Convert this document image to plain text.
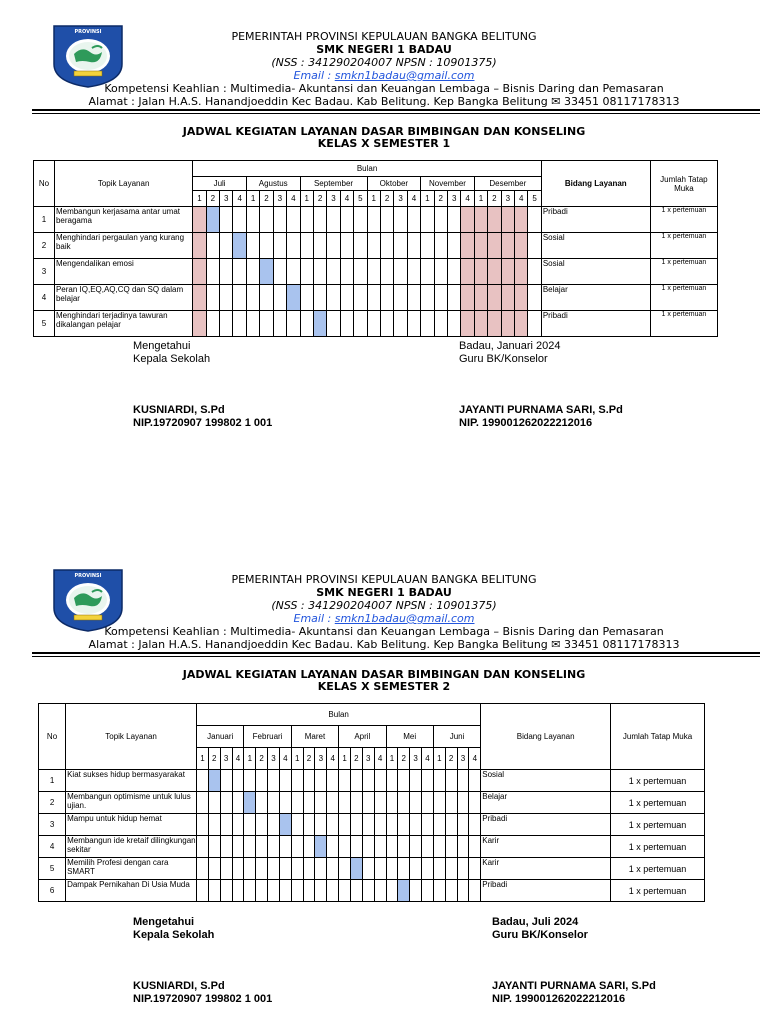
PROVINSI	PEMERINTAH PROVINSI KEPULAUAN BANGKA BELITUNG
SMK NEGERI 1 BADAU
(NSS : 341290204007 NPSN : 10901375)
Email : smkn1badau@gmail.com
Kompetensi Keahlian : Multimedia- Akuntansi dan Keuangan Lembaga – Bisnis Daring dan Pemasaran
Alamat : Jalan H.A.S. Hanandjoeddin Kec Badau. Kab Belitung. Kep Bangka Belitung ✉ 33451 08117178313
JADWAL KEGIATAN LAYANAN DASAR BIMBINGAN DAN KONSELING
KELAS X SEMESTER 1
No	Topik Layanan	Bulan																										Bidang Layanan	Jumlah Tatap Muka
		Juli				Agustus				September					Oktober				November				Desember						
		1	2	3	4	1	2	3	4	1	2	3	4	5	1	2	3	4	1	2	3	4	1	2	3	4	5		
1	Membangun kerjasama antar umat beragama																											Pribadi	1 x pertemuan
2	Menghindari pergaulan yang kurang baik																											Sosial	1 x pertemuan
3	Mengendalikan emosi																											Sosial	1 x pertemuan
4	Peran IQ,EQ,AQ,CQ dan SQ dalam belajar																											Belajar	1 x pertemuan
5	Menghindari terjadinya tawuran dikalangan pelajar																											Pribadi	1 x pertemuan
Mengetahui
Kepala Sekolah
KUSNIARDI, S.Pd
NIP.19720907 199802 1 001
Badau, Januari 2024
Guru BK/Konselor
JAYANTI PURNAMA SARI, S.Pd
NIP. 199001262022212016
PROVINSI	PEMERINTAH PROVINSI KEPULAUAN BANGKA BELITUNG
SMK NEGERI 1 BADAU
(NSS : 341290204007 NPSN : 10901375)
Email : smkn1badau@gmail.com
Kompetensi Keahlian : Multimedia- Akuntansi dan Keuangan Lembaga – Bisnis Daring dan Pemasaran
Alamat : Jalan H.A.S. Hanandjoeddin Kec Badau. Kab Belitung. Kep Bangka Belitung ✉ 33451 08117178313
JADWAL KEGIATAN LAYANAN DASAR BIMBINGAN DAN KONSELING
KELAS X SEMESTER 2
No	Topik Layanan	Bulan																								Bidang Layanan	Jumlah Tatap Muka
		Januari				Februari				Maret				April				Mei				Juni					
		1	2	3	4	1	2	3	4	1	2	3	4	1	2	3	4	1	2	3	4	1	2	3	4		
1	Kiat sukses hidup bermasyarakat																									Sosial	1 x pertemuan
2	Membangun optimisme untuk lulus ujian.																									Belajar	1 x pertemuan
3	Mampu untuk hidup hemat																									Pribadi	1 x pertemuan
4	Membangun ide kretaif dilingkungan sekitar																									Karir	1 x pertemuan
5	Memilih Profesi dengan cara SMART																									Karir	1 x pertemuan
6	Dampak Pernikahan Di Usia Muda																									Pribadi	1 x pertemuan
Mengetahui
Kepala Sekolah
KUSNIARDI, S.Pd
NIP.19720907 199802 1 001
Badau, Juli 2024
Guru BK/Konselor
JAYANTI PURNAMA SARI, S.Pd
NIP. 199001262022212016
